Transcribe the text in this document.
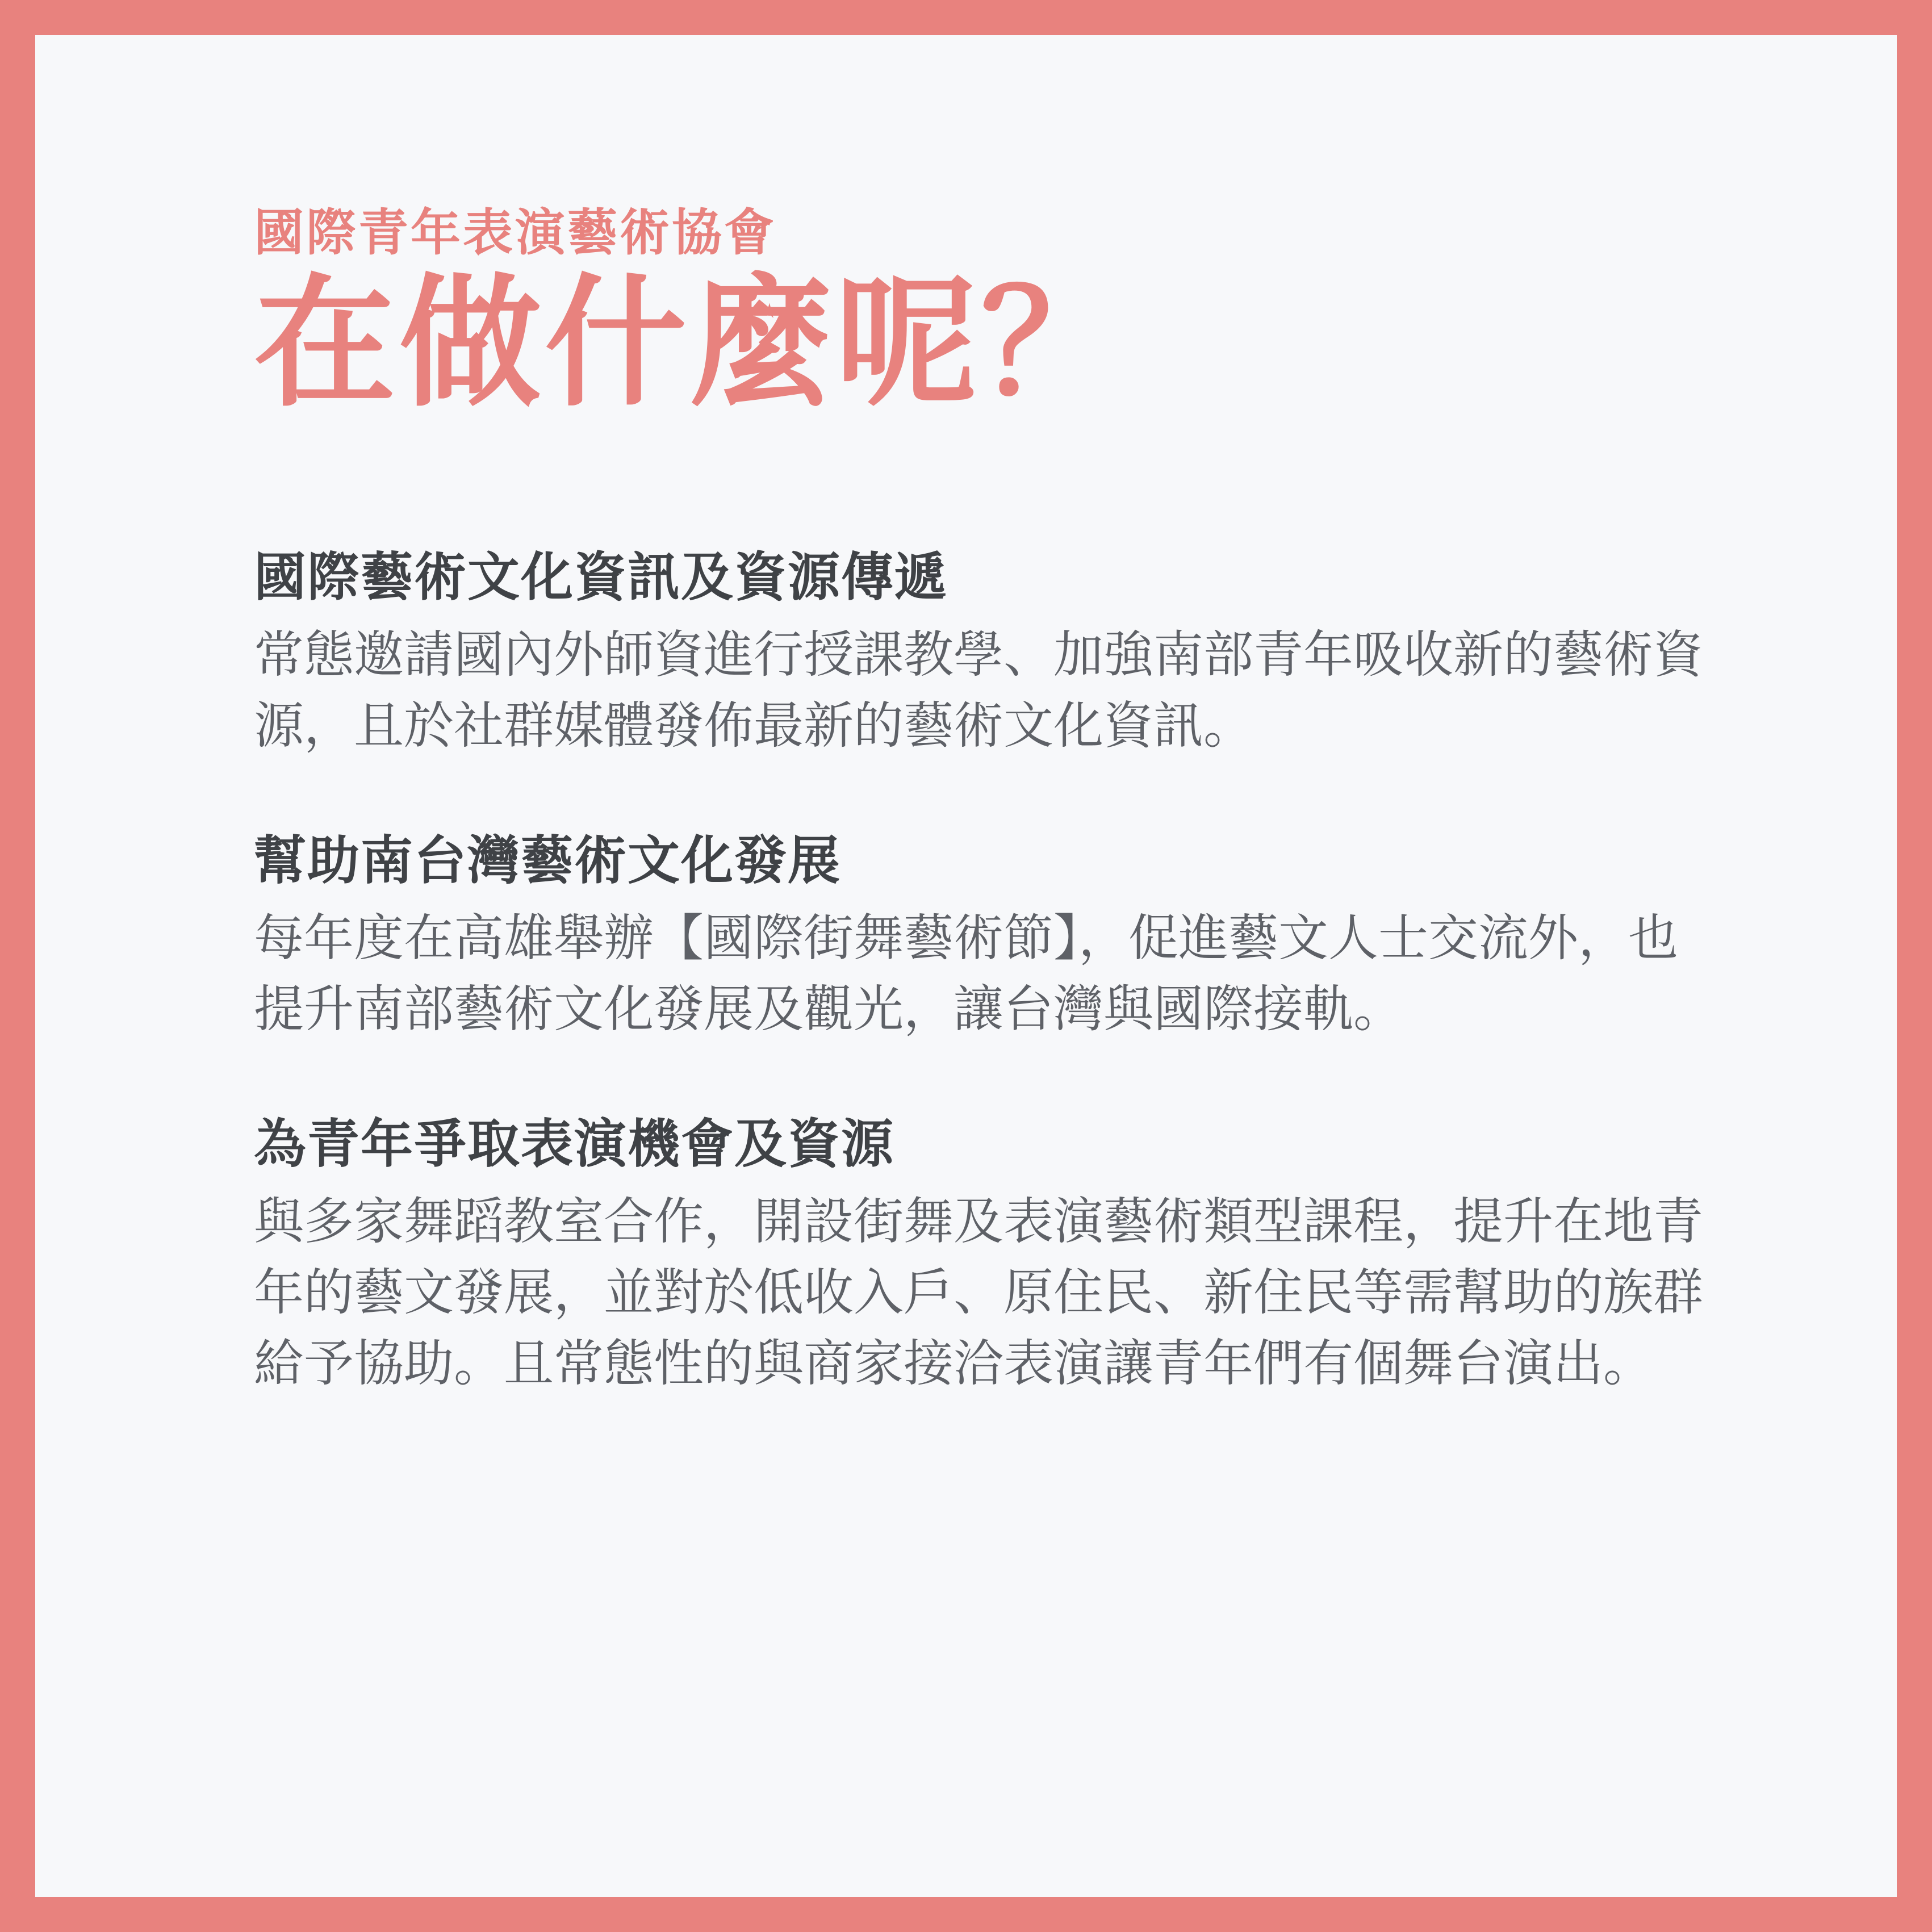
國際青年表演藝術協會
在做什麼呢？
國際藝術文化資訊及資源傳遞

常態邀請國內外師資進行授課教學、加強南部青年吸收新的藝術資源，且於社群媒體發佈最新的藝術文化資訊。

幫助南台灣藝術文化發展

每年度在高雄舉辦【國際街舞藝術節】，促進藝文人士交流外，也提升南部藝術文化發展及觀光，讓台灣與國際接軌。

為青年爭取表演機會及資源

與多家舞蹈教室合作，開設街舞及表演藝術類型課程，提升在地青年的藝文發展，並對於低收入戶、原住民、新住民等需幫助的族群給予協助。且常態性的與商家接洽表演讓青年們有個舞台演出。
